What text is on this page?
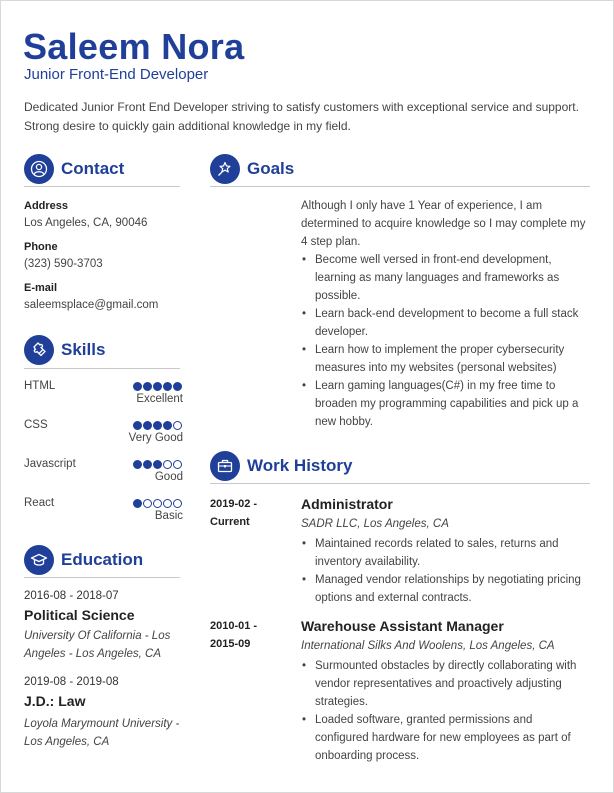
Saleem Nora
Junior Front-End Developer
Dedicated Junior Front End Developer striving to satisfy customers with exceptional service and support. Strong desire to quickly gain additional knowledge in my field.
Contact
Address
Los Angeles, CA, 90046
Phone
(323) 590-3703
E-mail
saleemsplace@gmail.com
Skills
HTML
Excellent
CSS
Very Good
Javascript
Good
React
Basic
Education
2016-08 - 2018-07
Political Science
University Of California - Los Angeles - Los Angeles, CA
2019-08 - 2019-08
J.D.: Law
Loyola Marymount University - Los Angeles, CA
Goals
Although I only have 1 Year of experience, I am determined to acquire knowledge so I may complete my 4 step plan.
• Become well versed in front-end development, learning as many languages and frameworks as possible.
• Learn back-end development to become a full stack developer.
• Learn how to implement the proper cybersecurity measures into my websites (personal websites)
• Learn gaming languages(C#) in my free time to broaden my programming capabilities and pick up a new hobby.
Work History
2019-02 -
Current
Administrator
SADR LLC, Los Angeles, CA
• Maintained records related to sales, returns and inventory availability.
• Managed vendor relationships by negotiating pricing options and external contracts.
2010-01 -
2015-09
Warehouse Assistant Manager
International Silks And Woolens, Los Angeles, CA
• Surmounted obstacles by directly collaborating with vendor representatives and proactively adjusting strategies.
• Loaded software, granted permissions and configured hardware for new employees as part of onboarding process.
